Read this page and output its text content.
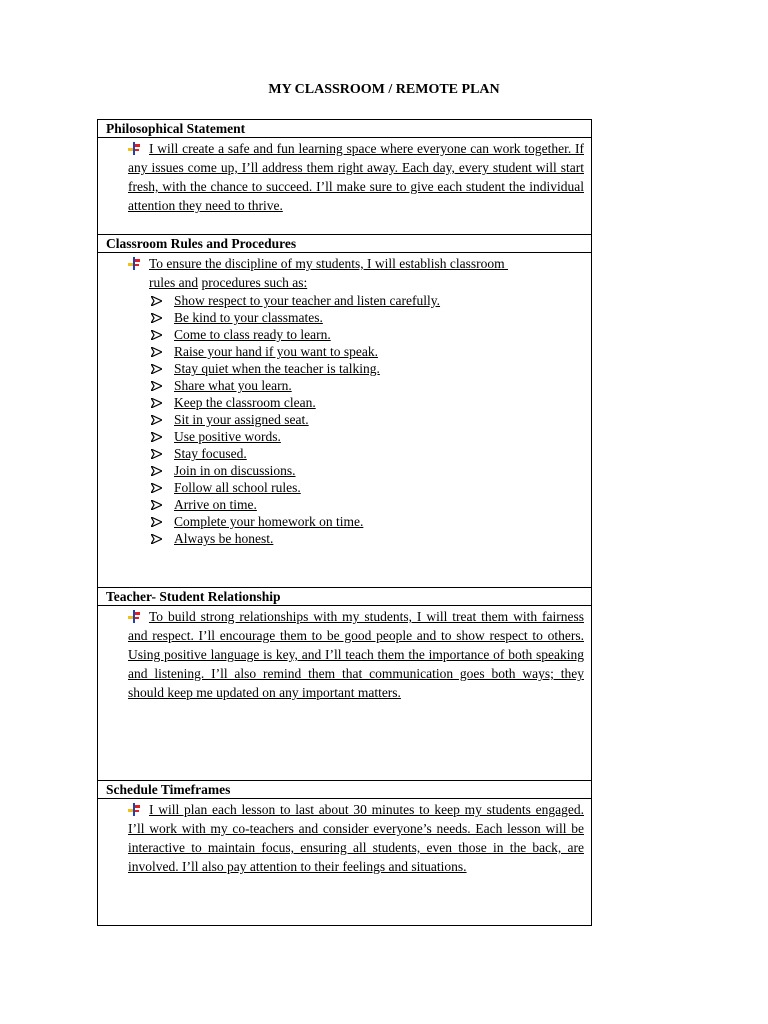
MY CLASSROOM / REMOTE PLAN
Philosophical Statement
I will create a safe and fun learning space where everyone can work together. If any issues come up, I’ll address them right away. Each day, every student will start fresh, with the chance to succeed. I’ll make sure to give each student the individual attention they need to thrive.
Classroom Rules and Procedures
To ensure the discipline of my students, I will establish classroom
rules and procedures such as:
Show respect to your teacher and listen carefully.
Be kind to your classmates.
Come to class ready to learn.
Raise your hand if you want to speak.
Stay quiet when the teacher is talking.
Share what you learn.
Keep the classroom clean.
Sit in your assigned seat.
Use positive words.
Stay focused.
Join in on discussions.
Follow all school rules.
Arrive on time.
Complete your homework on time.
Always be honest.
Teacher- Student Relationship
To build strong relationships with my students, I will treat them with fairness and respect. I’ll encourage them to be good people and to show respect to others. Using positive language is key, and I’ll teach them the importance of both speaking and listening. I’ll also remind them that communication goes both ways; they should keep me updated on any important matters.
Schedule Timeframes
I will plan each lesson to last about 30 minutes to keep my students engaged. I’ll work with my co-teachers and consider everyone’s needs. Each lesson will be interactive to maintain focus, ensuring all students, even those in the back, are involved. I’ll also pay attention to their feelings and situations.
